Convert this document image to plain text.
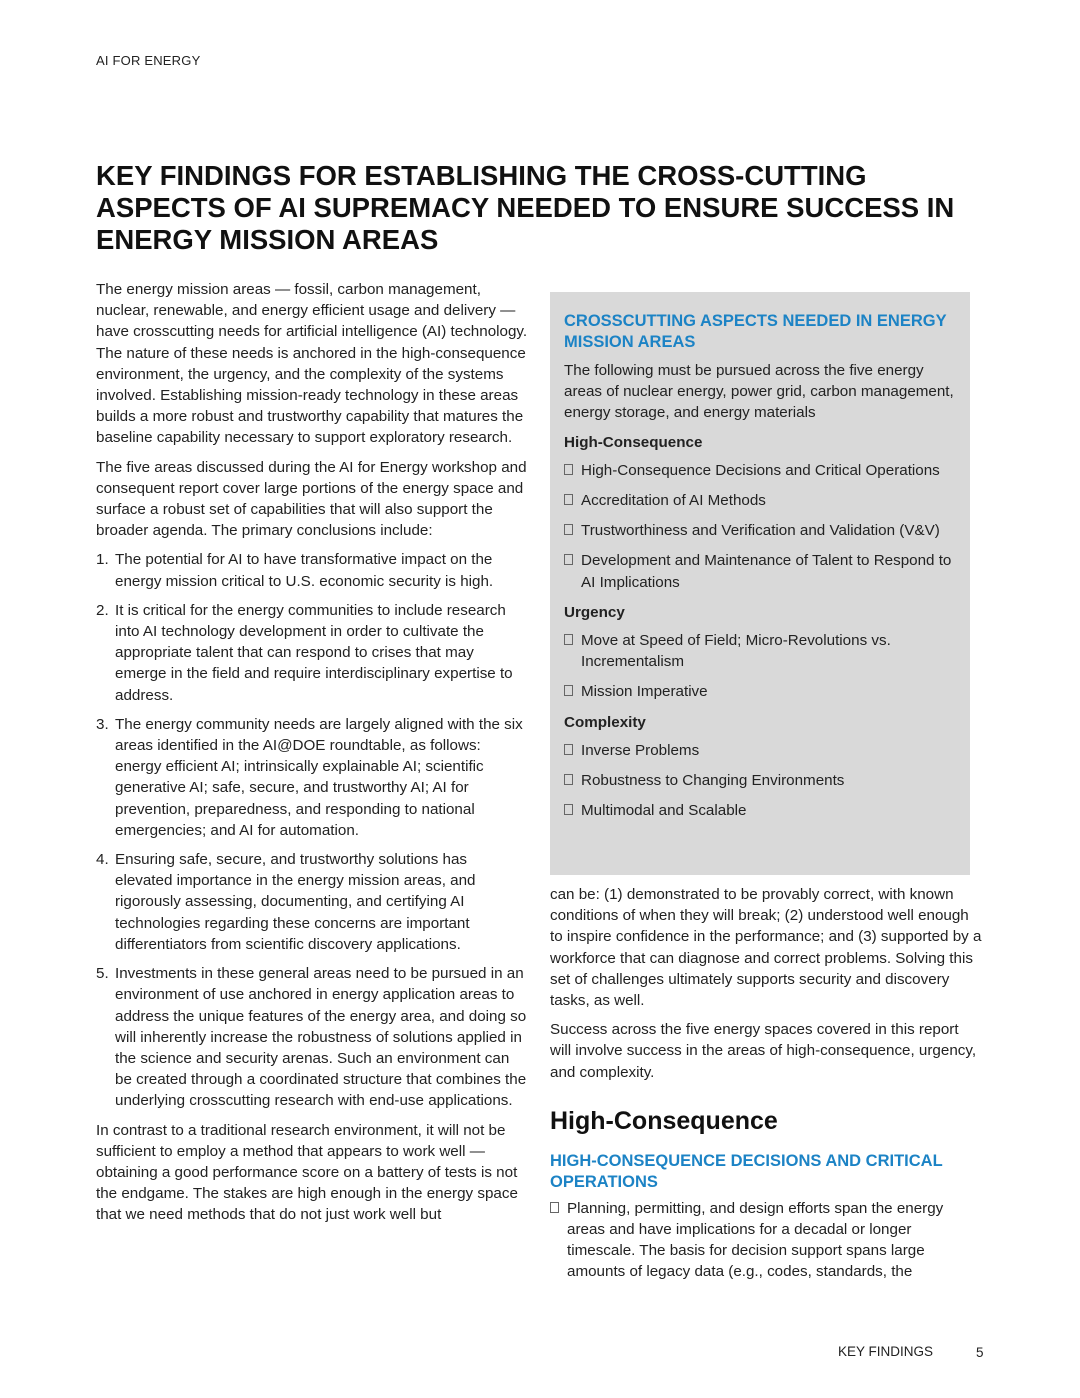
AI FOR ENERGY
KEY FINDINGS FOR ESTABLISHING THE CROSS-CUTTING ASPECTS OF AI SUPREMACY NEEDED TO ENSURE SUCCESS IN ENERGY MISSION AREAS

The energy mission areas — fossil, carbon management, nuclear, renewable, and energy efficient usage and delivery — have crosscutting needs for artificial intelligence (AI) technology. The nature of these needs is anchored in the high-consequence environment, the urgency, and the complexity of the systems involved. Establishing mission-ready technology in these areas builds a more robust and trustworthy capability that matures the baseline capability necessary to support exploratory research.

The five areas discussed during the AI for Energy workshop and consequent report cover large portions of the energy space and surface a robust set of capabilities that will also support the broader agenda. The primary conclusions include:

1. The potential for AI to have transformative impact on the energy mission critical to U.S. economic security is high.
2. It is critical for the energy communities to include research into AI technology development in order to cultivate the appropriate talent that can respond to crises that may emerge in the field and require interdisciplinary expertise to address.
3. The energy community needs are largely aligned with the six areas identified in the AI@DOE roundtable, as follows: energy efficient AI; intrinsically explainable AI; scientific generative AI; safe, secure, and trustworthy AI; AI for prevention, preparedness, and responding to national emergencies; and AI for automation.
4. Ensuring safe, secure, and trustworthy solutions has elevated importance in the energy mission areas, and rigorously assessing, documenting, and certifying AI technologies regarding these concerns are important differentiators from scientific discovery applications.
5. Investments in these general areas need to be pursued in an environment of use anchored in energy application areas to address the unique features of the energy area, and doing so will inherently increase the robustness of solutions applied in the science and security arenas. Such an environment can be created through a coordinated structure that combines the underlying crosscutting research with end-use applications.

In contrast to a traditional research environment, it will not be sufficient to employ a method that appears to work well — obtaining a good performance score on a battery of tests is not the endgame. The stakes are high enough in the energy space that we need methods that do not just work well but

CROSSCUTTING ASPECTS NEEDED IN ENERGY MISSION AREAS

The following must be pursued across the five energy areas of nuclear energy, power grid, carbon management, energy storage, and energy materials

High-Consequence
High-Consequence Decisions and Critical Operations
Accreditation of AI Methods
Trustworthiness and Verification and Validation (V&V)
Development and Maintenance of Talent to Respond to AI Implications
Urgency
Move at Speed of Field; Micro-Revolutions vs. Incrementalism
Mission Imperative
Complexity
Inverse Problems
Robustness to Changing Environments
Multimodal and Scalable

can be: (1) demonstrated to be provably correct, with known conditions of when they will break; (2) understood well enough to inspire confidence in the performance; and (3) supported by a workforce that can diagnose and correct problems. Solving this set of challenges ultimately supports security and discovery tasks, as well.

Success across the five energy spaces covered in this report will involve success in the areas of high-consequence, urgency, and complexity.

High-Consequence
HIGH-CONSEQUENCE DECISIONS AND CRITICAL OPERATIONS
Planning, permitting, and design efforts span the energy areas and have implications for a decadal or longer timescale. The basis for decision support spans large amounts of legacy data (e.g., codes, standards, the
KEY FINDINGS	5
